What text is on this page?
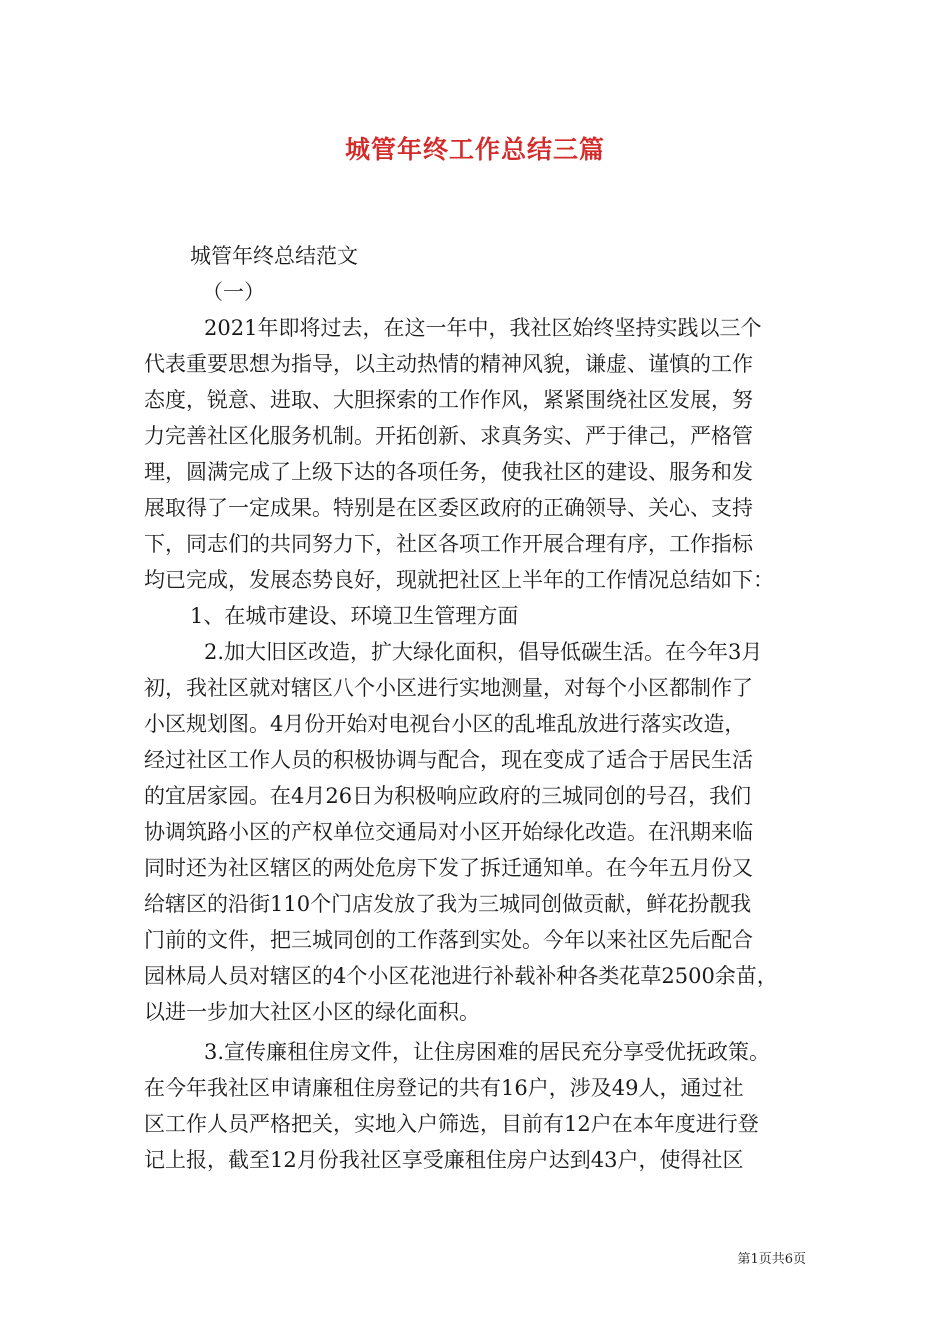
城管年终工作总结三篇
城管年终总结范文
（一）
2021年即将过去，在这一年中，我社区始终坚持实践以三个
代表重要思想为指导，以主动热情的精神风貌，谦虚、谨慎的工作
态度，锐意、进取、大胆探索的工作作风，紧紧围绕社区发展，努
力完善社区化服务机制。开拓创新、求真务实、严于律己，严格管
理，圆满完成了上级下达的各项任务，使我社区的建设、服务和发
展取得了一定成果。特别是在区委区政府的正确领导、关心、支持
下，同志们的共同努力下，社区各项工作开展合理有序，工作指标
均已完成，发展态势良好，现就把社区上半年的工作情况总结如下：
1、在城市建设、环境卫生管理方面
2.加大旧区改造，扩大绿化面积，倡导低碳生活。在今年3月
初，我社区就对辖区八个小区进行实地测量，对每个小区都制作了
小区规划图。4月份开始对电视台小区的乱堆乱放进行落实改造，
经过社区工作人员的积极协调与配合，现在变成了适合于居民生活
的宜居家园。在4月26日为积极响应政府的三城同创的号召，我们
协调筑路小区的产权单位交通局对小区开始绿化改造。在汛期来临
同时还为社区辖区的两处危房下发了拆迁通知单。在今年五月份又
给辖区的沿街110个门店发放了我为三城同创做贡献，鲜花扮靓我
门前的文件，把三城同创的工作落到实处。今年以来社区先后配合
园林局人员对辖区的4个小区花池进行补载补种各类花草2500余苗，
以进一步加大社区小区的绿化面积。
3.宣传廉租住房文件，让住房困难的居民充分享受优抚政策。
在今年我社区申请廉租住房登记的共有16户，涉及49人，通过社
区工作人员严格把关，实地入户筛选，目前有12户在本年度进行登
记上报，截至12月份我社区享受廉租住房户达到43户，使得社区
第1页共6页
